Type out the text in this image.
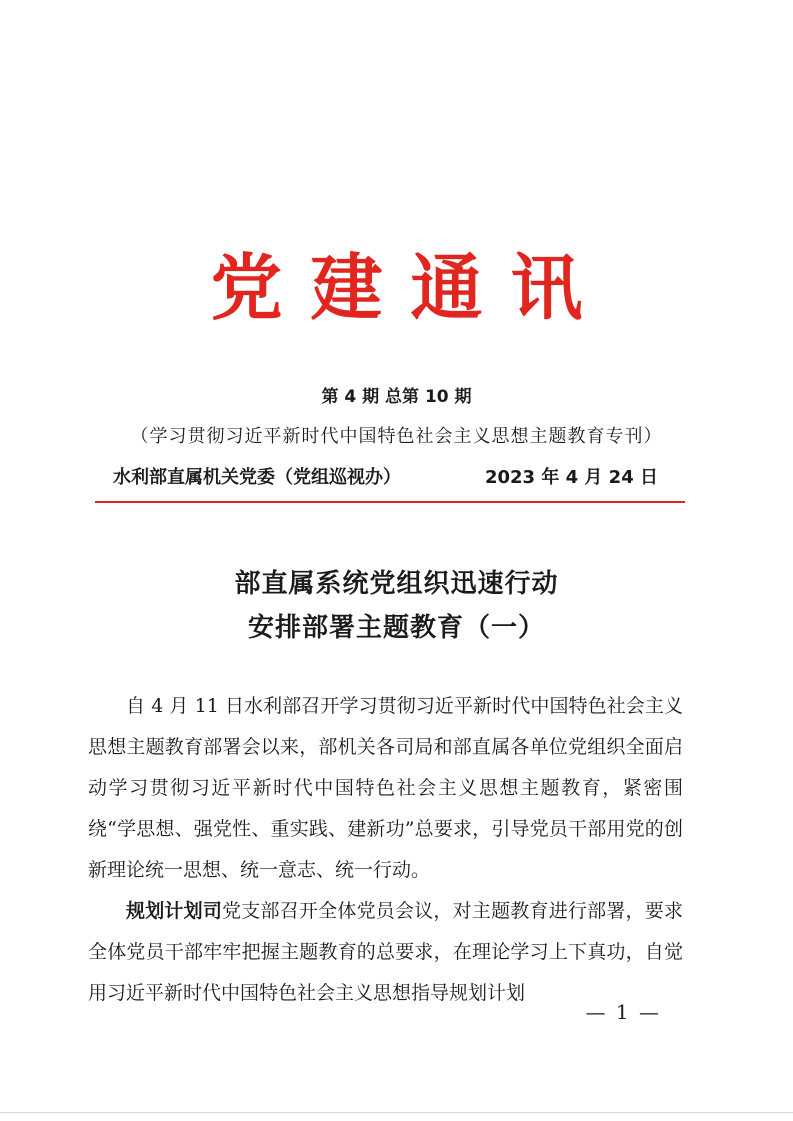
党建通讯
第 4 期 总第 10 期
（学习贯彻习近平新时代中国特色社会主义思想主题教育专刊）
水利部直属机关党委（党组巡视办）	2023 年 4 月 24 日
部直属系统党组织迅速行动
安排部署主题教育（一）

自 4 月 11 日水利部召开学习贯彻习近平新时代中国特色社会主义思想主题教育部署会以来，部机关各司局和部直属各单位党组织全面启动学习贯彻习近平新时代中国特色社会主义思想主题教育，紧密围绕“学思想、强党性、重实践、建新功”总要求，引导党员干部用党的创新理论统一思想、统一意志、统一行动。

规划计划司党支部召开全体党员会议，对主题教育进行部署，要求全体党员干部牢牢把握主题教育的总要求，在理论学习上下真功，自觉用习近平新时代中国特色社会主义思想指导规划计划

— 1 —
